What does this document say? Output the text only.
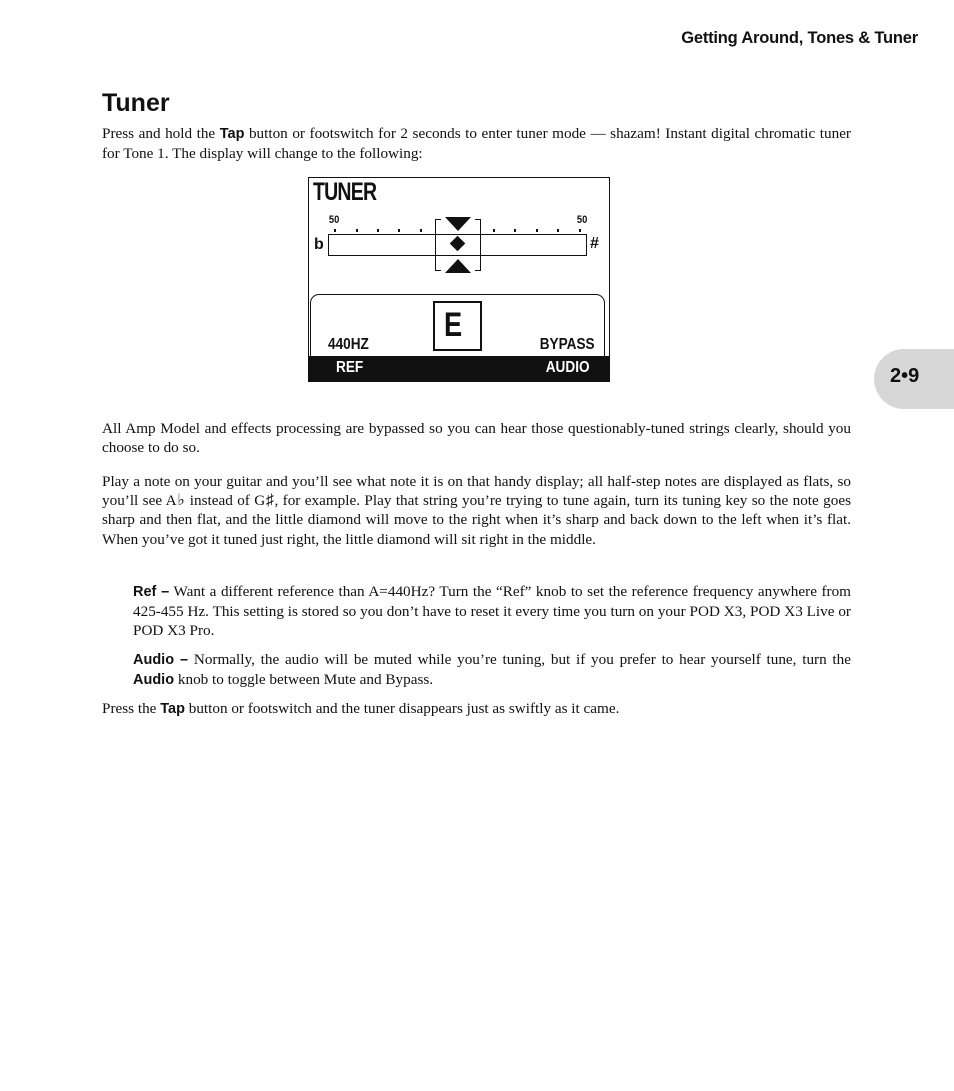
Getting Around, Tones & Tuner
2•9
Tuner

Press and hold the Tap button or footswitch for 2 seconds to enter tuner mode — shazam! Instant digital chromatic tuner for Tone 1. The display will change to the following:

TUNER
50	50
b	#
E
440HZ	BYPASS
REF	AUDIO

All Amp Model and effects processing are bypassed so you can hear those questionably-tuned strings clearly, should you choose to do so.

Play a note on your guitar and you’ll see what note it is on that handy display; all half-step notes are displayed as flats, so you’ll see A♭ instead of G♯, for example. Play that string you’re trying to tune again, turn its tuning key so the note goes sharp and then flat, and the little diamond will move to the right when it’s sharp and back down to the left when it’s flat. When you’ve got it tuned just right, the little diamond will sit right in the middle.

Ref – Want a different reference than A=440Hz? Turn the “Ref” knob to set the reference frequency anywhere from 425-455 Hz. This setting is stored so you don’t have to reset it every time you turn on your POD X3, POD X3 Live or POD X3 Pro.

Audio – Normally, the audio will be muted while you’re tuning, but if you prefer to hear yourself tune, turn the Audio knob to toggle between Mute and Bypass.

Press the Tap button or footswitch and the tuner disappears just as swiftly as it came.
